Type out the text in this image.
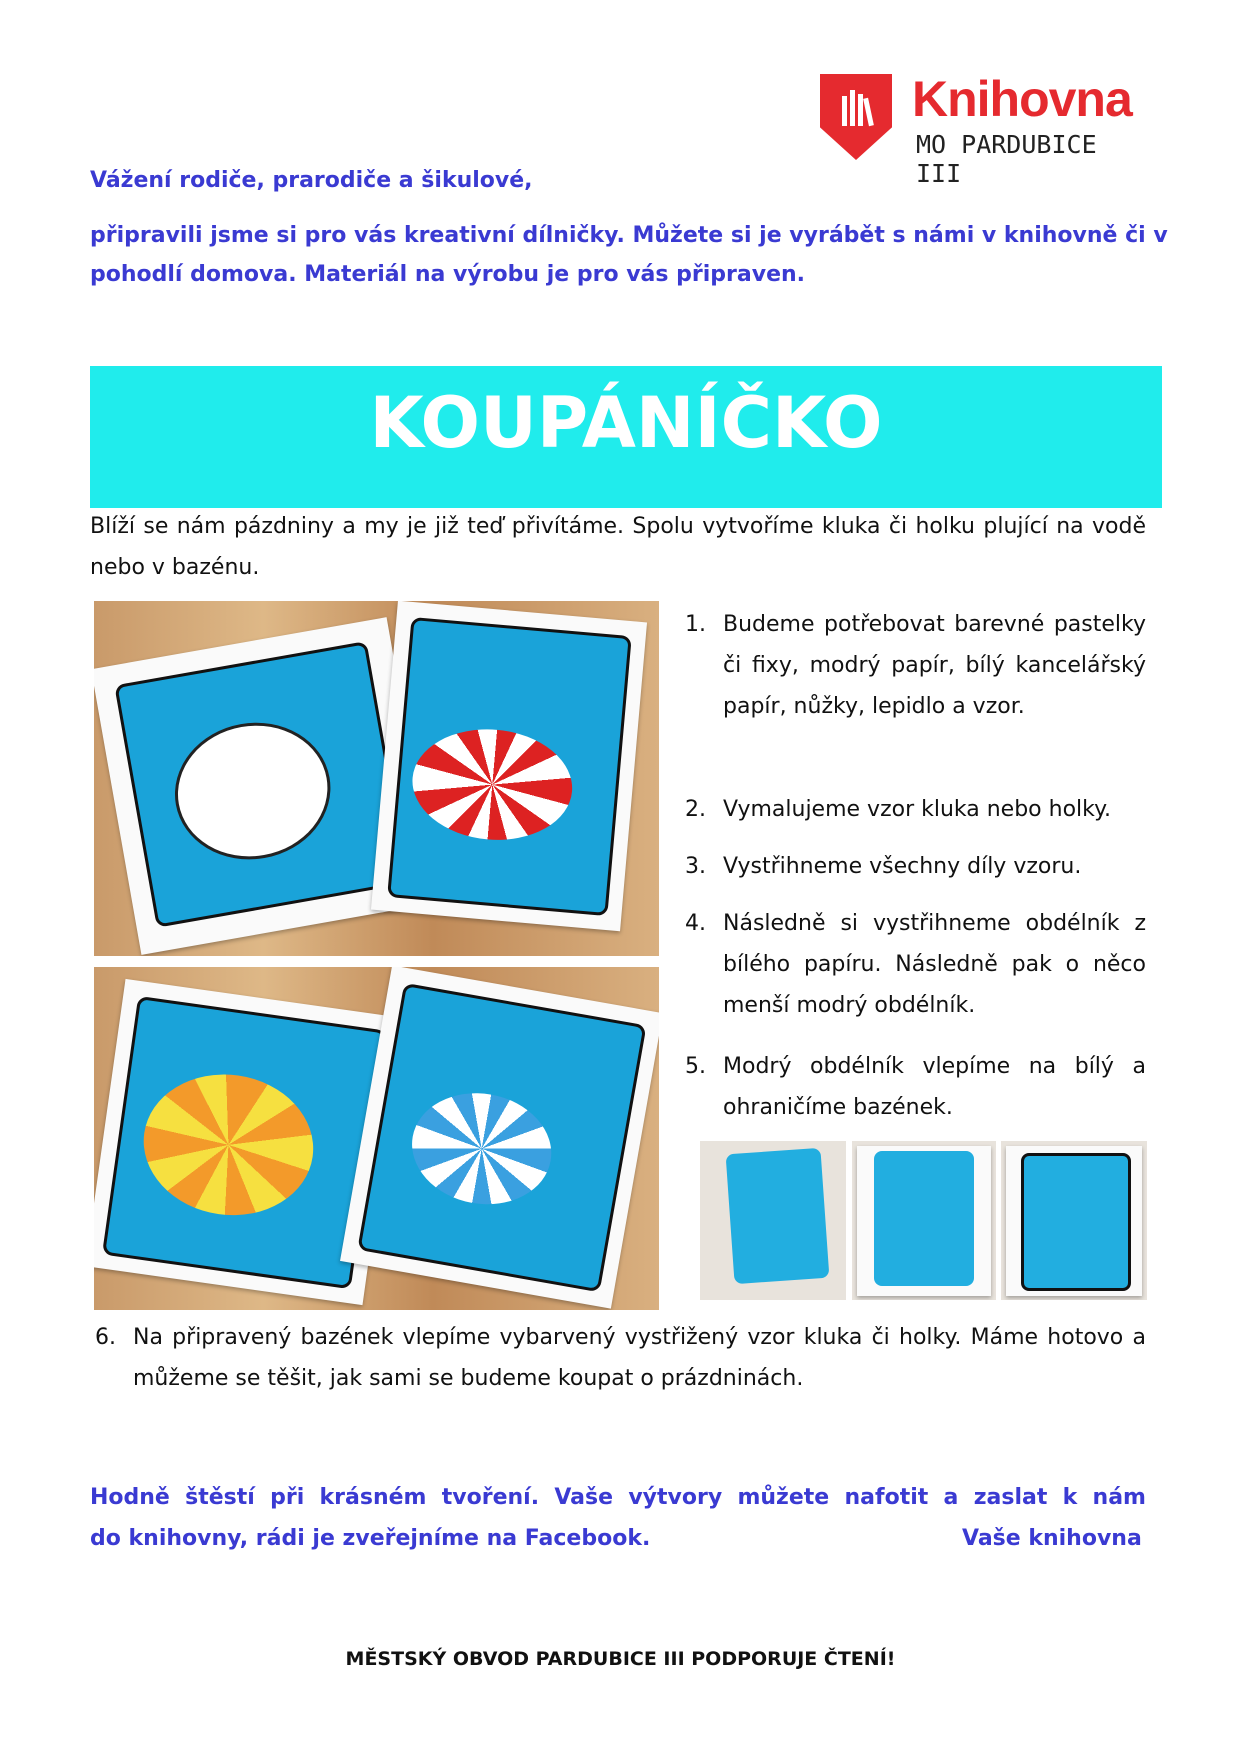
Knihovna
MO PARDUBICE III
Vážení rodiče, prarodiče a šikulové,
připravili jsme si pro vás kreativní dílničky. Můžete si je vyrábět s námi v knihovně či v
pohodlí domova. Materiál na výrobu je pro vás připraven.
KOUPÁNÍČKO
Blíží se nám pázdniny a my je již teď přivítáme. Spolu vytvoříme kluka či holku plující na vodě nebo v bazénu.
1. Budeme potřebovat barevné pastelky či fixy, modrý papír, bílý kancelářský papír, nůžky, lepidlo a vzor.
2. Vymalujeme vzor kluka nebo holky.
3. Vystřihneme všechny díly vzoru.
4. Následně si vystřihneme obdélník z bílého papíru. Následně pak o něco menší modrý obdélník.
5. Modrý obdélník vlepíme na bílý a ohraničíme bazének.
6. Na připravený bazének vlepíme vybarvený vystřižený vzor kluka či holky. Máme hotovo a můžeme se těšit, jak sami se budeme koupat o prázdninách.
Hodně štěstí při krásném tvoření. Vaše výtvory můžete nafotit a zaslat k nám
do knihovny, rádi je zveřejníme na Facebook.	Vaše knihovna
MĚSTSKÝ OBVOD PARDUBICE III PODPORUJE ČTENÍ!
